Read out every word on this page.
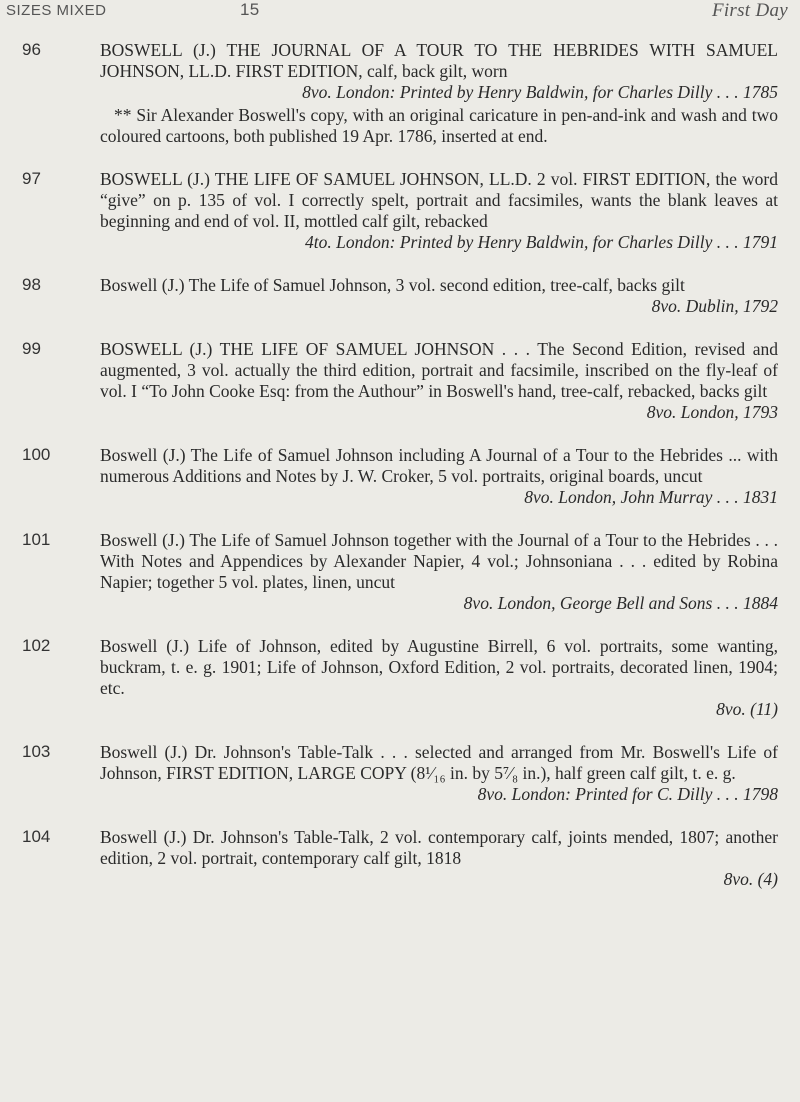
SIZES MIXED	15	First Day
96	BOSWELL (J.) THE JOURNAL OF A TOUR TO THE HEBRIDES WITH SAMUEL JOHNSON, LL.D. FIRST EDITION, calf, back gilt, worn
8vo. London: Printed by Henry Baldwin, for Charles Dilly . . . 1785
** Sir Alexander Boswell's copy, with an original caricature in pen-and-ink and wash and two coloured cartoons, both published 19 Apr. 1786, inserted at end.
97	BOSWELL (J.) THE LIFE OF SAMUEL JOHNSON, LL.D. 2 vol. FIRST EDITION, the word “give” on p. 135 of vol. I correctly spelt, portrait and facsimiles, wants the blank leaves at beginning and end of vol. II, mottled calf gilt, rebacked
4to. London: Printed by Henry Baldwin, for Charles Dilly . . . 1791
98	Boswell (J.) The Life of Samuel Johnson, 3 vol. second edition, tree-calf, backs gilt
8vo. Dublin, 1792
99	BOSWELL (J.) THE LIFE OF SAMUEL JOHNSON . . . The Second Edition, revised and augmented, 3 vol. actually the third edition, portrait and facsimile, inscribed on the fly-leaf of vol. I “To John Cooke Esq: from the Authour” in Boswell's hand, tree-calf, rebacked, backs gilt
8vo. London, 1793
100	Boswell (J.) The Life of Samuel Johnson including A Journal of a Tour to the Hebrides ... with numerous Additions and Notes by J. W. Croker, 5 vol. portraits, original boards, uncut
8vo. London, John Murray . . . 1831
101	Boswell (J.) The Life of Samuel Johnson together with the Journal of a Tour to the Hebrides . . . With Notes and Appendices by Alexander Napier, 4 vol.; Johnsoniana . . . edited by Robina Napier; together 5 vol. plates, linen, uncut
8vo. London, George Bell and Sons . . . 1884
102	Boswell (J.) Life of Johnson, edited by Augustine Birrell, 6 vol. portraits, some wanting, buckram, t. e. g. 1901; Life of Johnson, Oxford Edition, 2 vol. portraits, decorated linen, 1904; etc.
8vo. (11)
103	Boswell (J.) Dr. Johnson's Table-Talk . . . selected and arranged from Mr. Boswell's Life of Johnson, FIRST EDITION, LARGE COPY (8¹⁄₁₆ in. by 5⁷⁄₈ in.), half green calf gilt, t. e. g.
8vo. London: Printed for C. Dilly . . . 1798
104	Boswell (J.) Dr. Johnson's Table-Talk, 2 vol. contemporary calf, joints mended, 1807; another edition, 2 vol. portrait, contemporary calf gilt, 1818
8vo. (4)
